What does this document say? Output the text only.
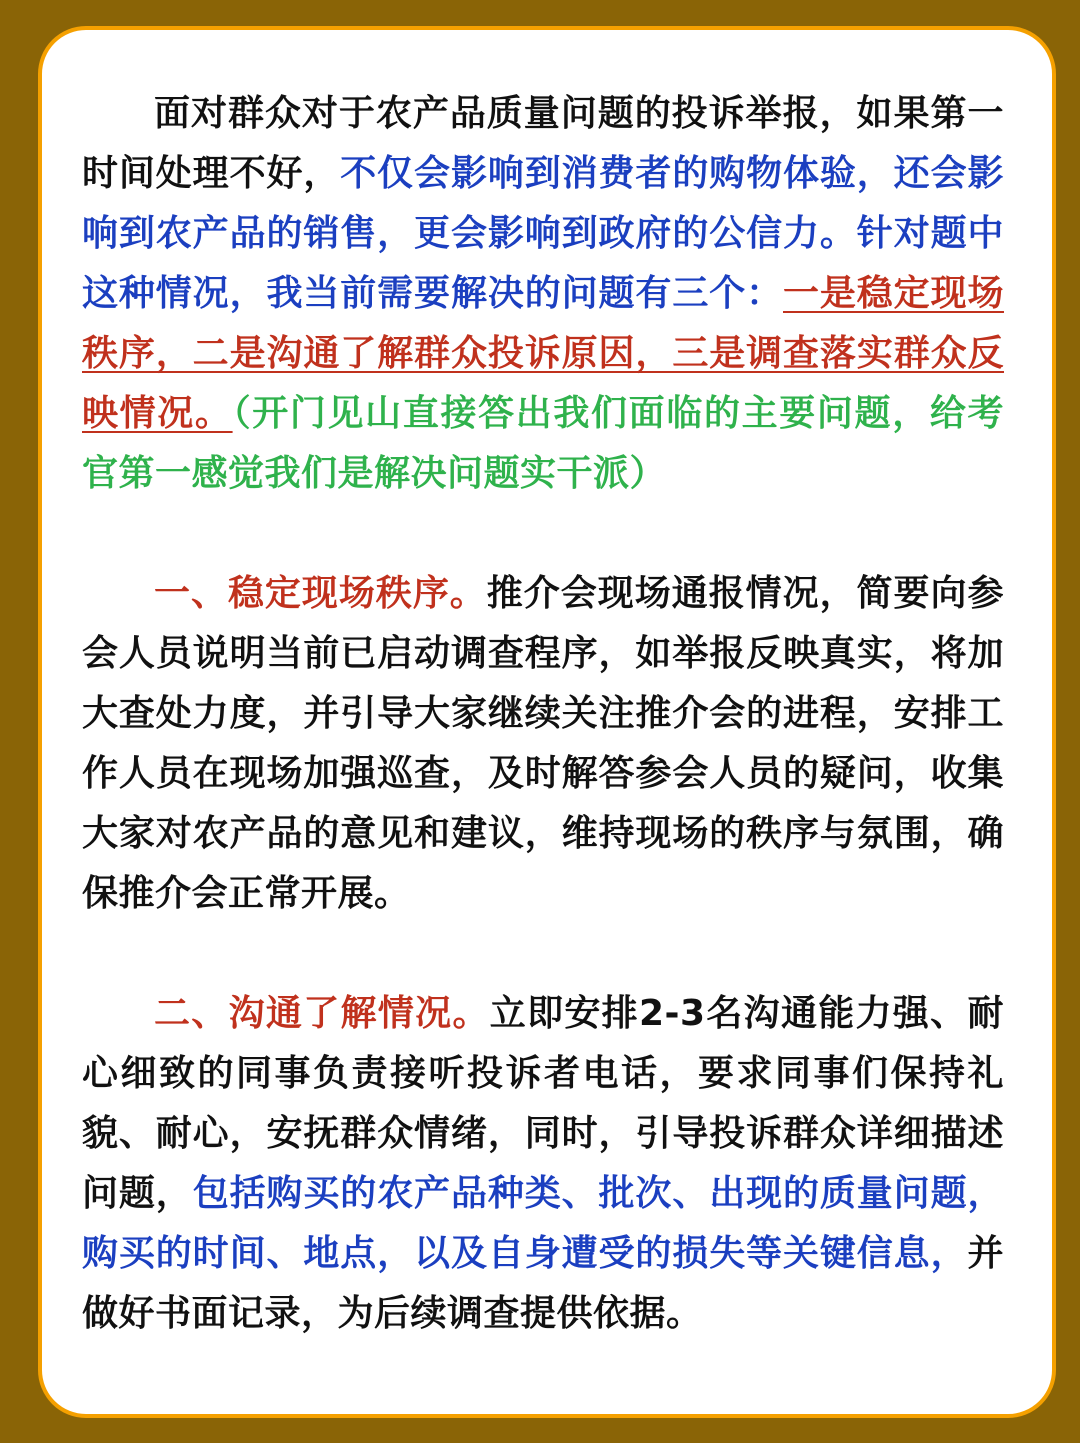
面对群众对于农产品质量问题的投诉举报，如果第一时间处理不好，不仅会影响到消费者的购物体验，还会影响到农产品的销售，更会影响到政府的公信力。针对题中这种情况，我当前需要解决的问题有三个：一是稳定现场秩序，二是沟通了解群众投诉原因，三是调查落实群众反映情况。（开门见山直接答出我们面临的主要问题，给考官第一感觉我们是解决问题实干派）

一、稳定现场秩序。推介会现场通报情况，简要向参会人员说明当前已启动调查程序，如举报反映真实，将加大查处力度，并引导大家继续关注推介会的进程，安排工作人员在现场加强巡查，及时解答参会人员的疑问，收集大家对农产品的意见和建议，维持现场的秩序与氛围，确保推介会正常开展。

二、沟通了解情况。立即安排2-3名沟通能力强、耐心细致的同事负责接听投诉者电话，要求同事们保持礼貌、耐心，安抚群众情绪，同时，引导投诉群众详细描述问题，包括购买的农产品种类、批次、出现的质量问题，购买的时间、地点，以及自身遭受的损失等关键信息，并做好书面记录，为后续调查提供依据。
